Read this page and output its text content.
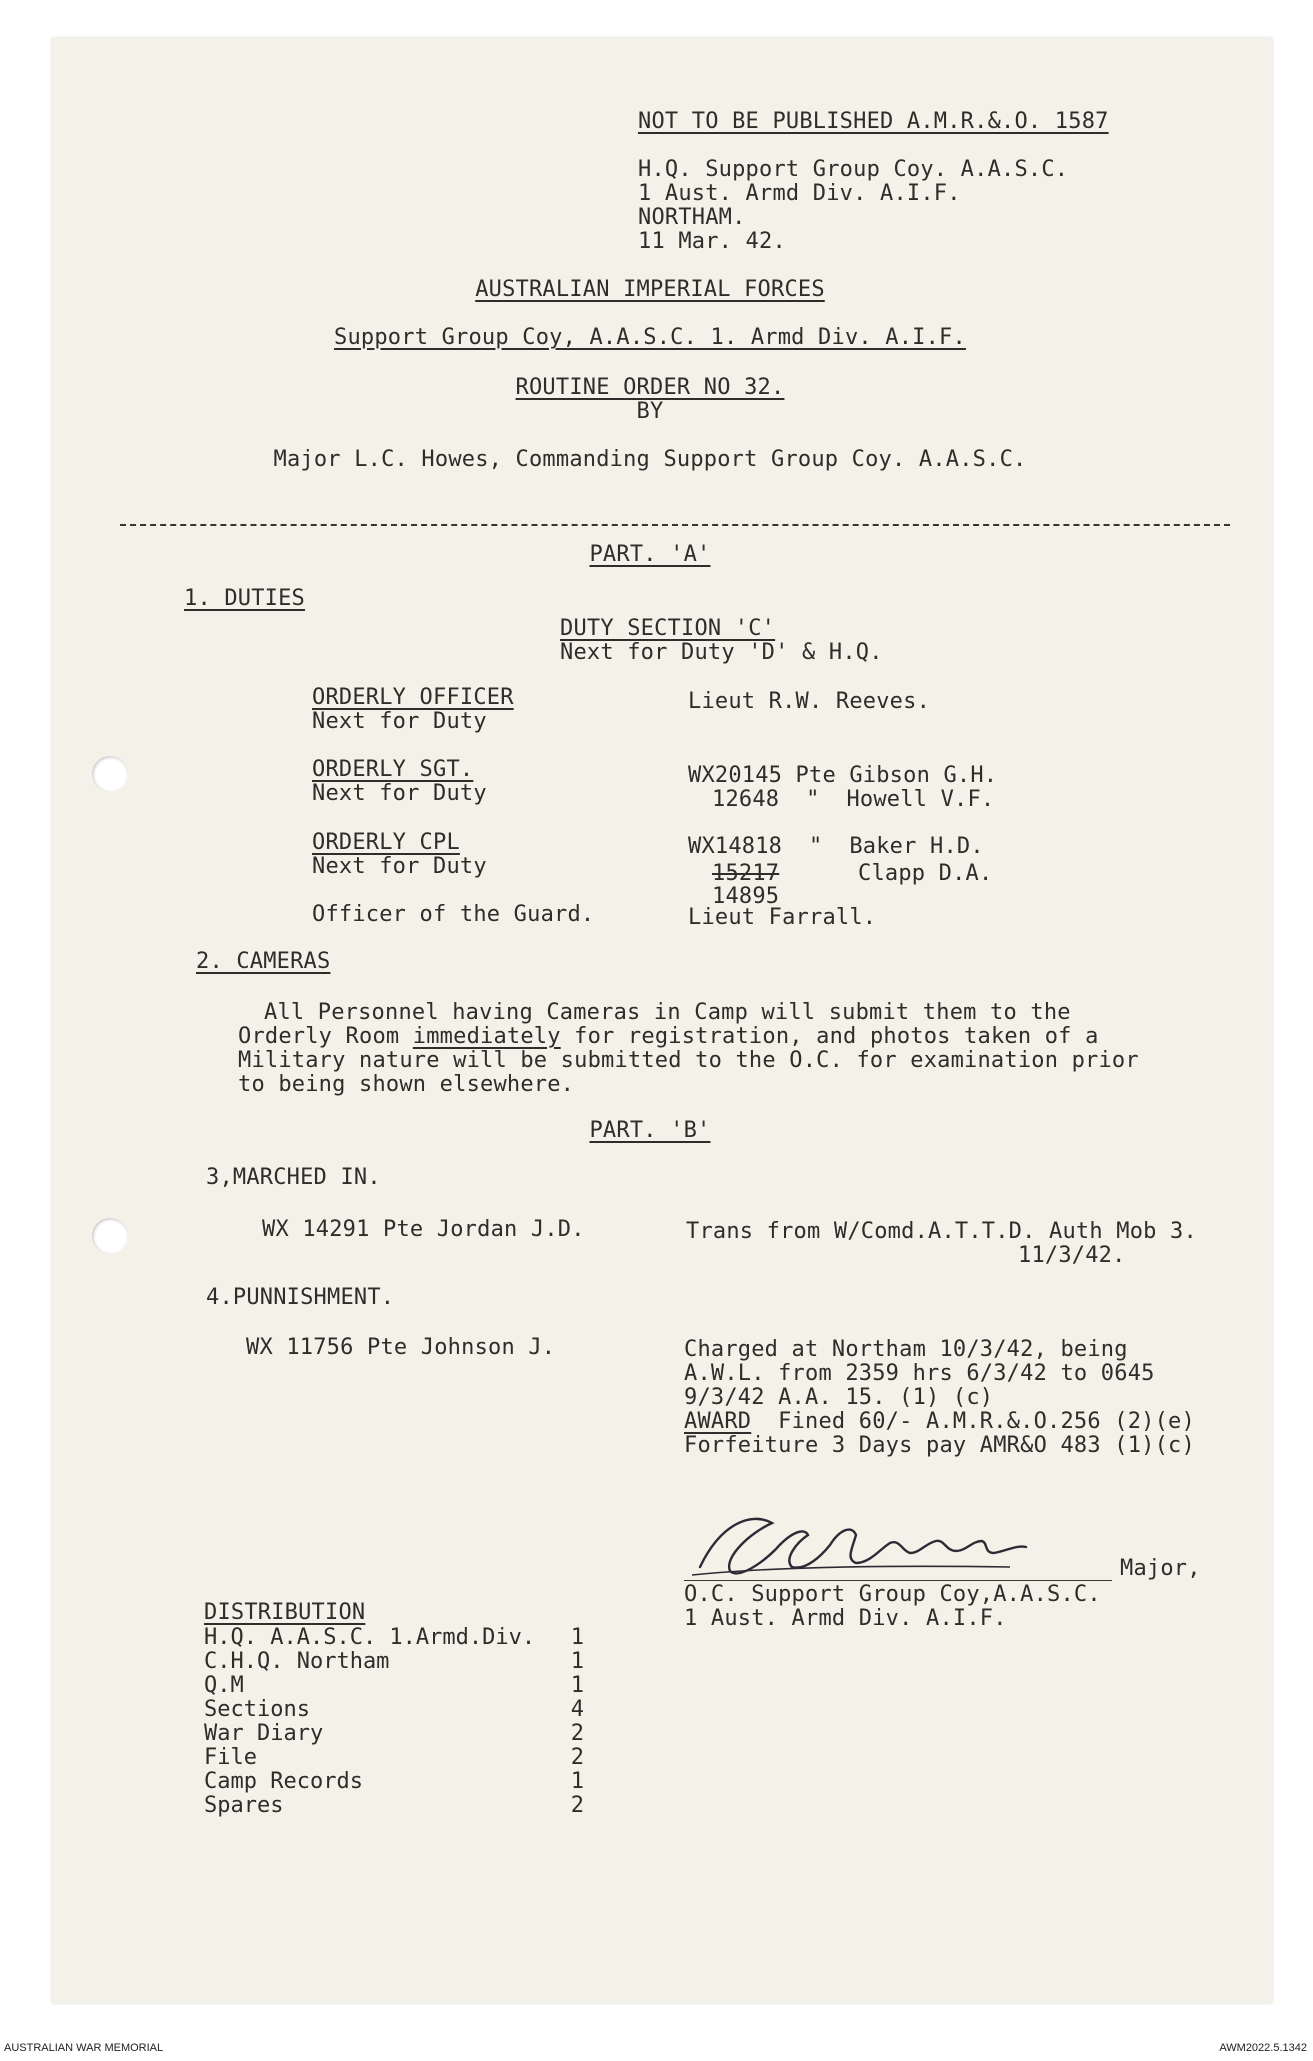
NOT TO BE PUBLISHED A.M.R.&.O. 1587
H.Q. Support Group Coy. A.A.S.C.
1 Aust. Armd Div. A.I.F.
NORTHAM.
11 Mar. 42.
AUSTRALIAN IMPERIAL FORCES
Support Group Coy, A.A.S.C. 1. Armd Div. A.I.F.
ROUTINE ORDER NO 32.
BY
Major L.C. Howes, Commanding Support Group Coy. A.A.S.C.
PART. 'A'
1. DUTIES
DUTY SECTION 'C'
Next for Duty 'D' & H.Q.
ORDERLY OFFICER
Next for Duty
Lieut R.W. Reeves.
ORDERLY SGT.
Next for Duty
WX20145 Pte Gibson G.H.
12648  "  Howell V.F.
ORDERLY CPL
Next for Duty
WX14818  "  Baker H.D.
15217	Clapp D.A.
14895
Officer of the Guard.	Lieut Farrall.
2. CAMERAS
All Personnel having Cameras in Camp will submit them to the
Orderly Room immediately for registration, and photos taken of a
Military nature will be submitted to the O.C. for examination prior
to being shown elsewhere.
PART. 'B'
3,MARCHED IN.
WX 14291 Pte Jordan J.D.	Trans from W/Comd.A.T.T.D. Auth Mob 3.
11/3/42.
4.PUNNISHMENT.
WX 11756 Pte Johnson J.	Charged at Northam 10/3/42, being
A.W.L. from 2359 hrs 6/3/42 to 0645
9/3/42 A.A. 15. (1) (c)
AWARD  Fined 60/- A.M.R.&.O.256 (2)(e)
Forfeiture 3 Days pay AMR&O 483 (1)(c)
Major,
O.C. Support Group Coy,A.A.S.C.
1 Aust. Armd Div. A.I.F.
DISTRIBUTION
H.Q. A.A.S.C. 1.Armd.Div. 1
C.H.Q. Northam	1
Q.M	1
Sections	4
War Diary	2
File	2
Camp Records	1
Spares	2
AUSTRALIAN WAR MEMORIAL	AWM2022.5.1342
